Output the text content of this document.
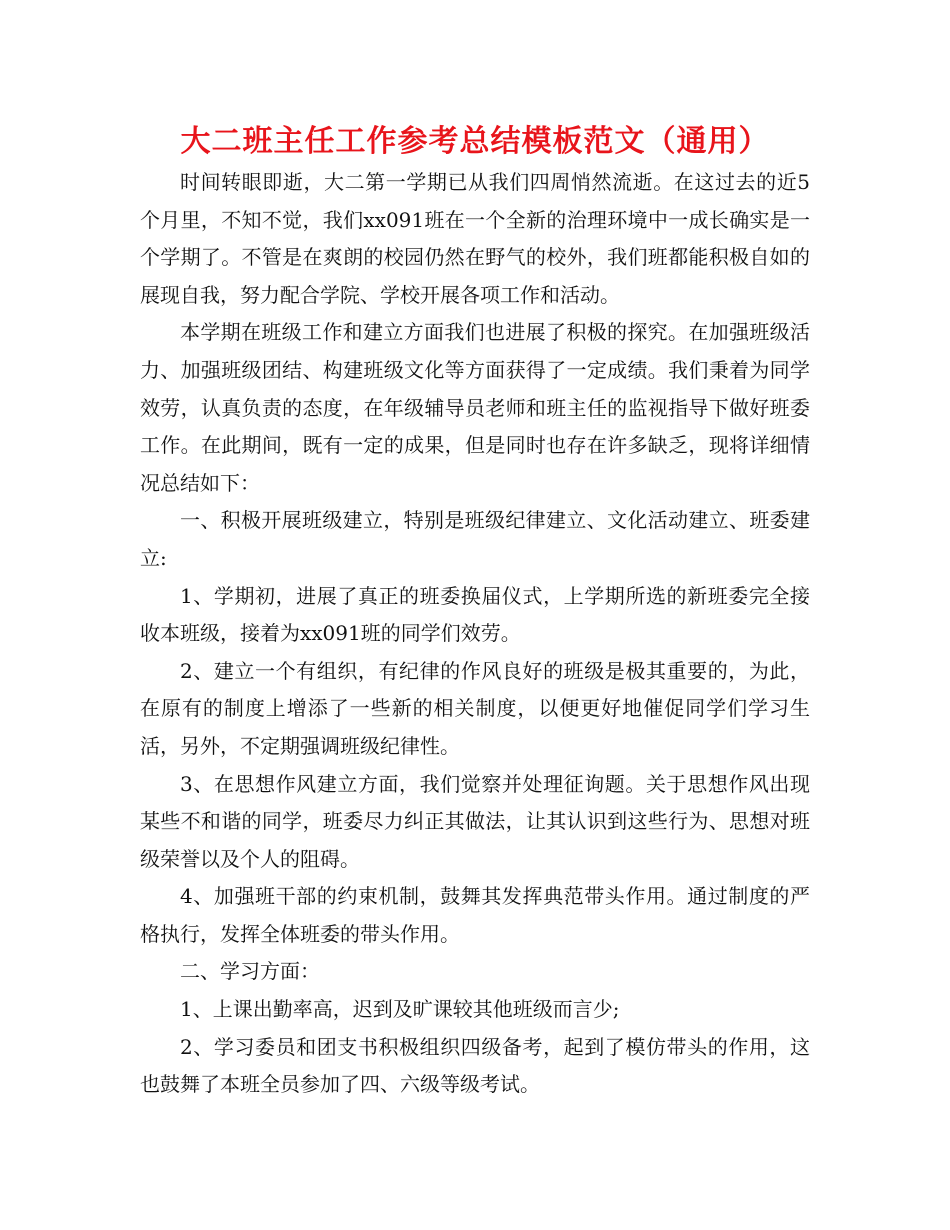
大二班主任工作参考总结模板范文（通用）

时间转眼即逝，大二第一学期已从我们四周悄然流逝。在这过去的近5个月里，不知不觉，我们xx091班在一个全新的治理环境中一成长确实是一个学期了。不管是在爽朗的校园仍然在野气的校外，我们班都能积极自如的展现自我，努力配合学院、学校开展各项工作和活动。

本学期在班级工作和建立方面我们也进展了积极的探究。在加强班级活力、加强班级团结、构建班级文化等方面获得了一定成绩。我们秉着为同学效劳，认真负责的态度，在年级辅导员老师和班主任的监视指导下做好班委工作。在此期间，既有一定的成果，但是同时也存在许多缺乏，现将详细情况总结如下：

一、积极开展班级建立，特别是班级纪律建立、文化活动建立、班委建立:

1、学期初，进展了真正的班委换届仪式，上学期所选的新班委完全接收本班级，接着为xx091班的同学们效劳。

2、建立一个有组织，有纪律的作风良好的班级是极其重要的，为此，在原有的制度上增添了一些新的相关制度，以便更好地催促同学们学习生活，另外，不定期强调班级纪律性。

3、在思想作风建立方面，我们觉察并处理征询题。关于思想作风出现某些不和谐的同学，班委尽力纠正其做法，让其认识到这些行为、思想对班级荣誉以及个人的阻碍。

4、加强班干部的约束机制，鼓舞其发挥典范带头作用。通过制度的严格执行，发挥全体班委的带头作用。

二、学习方面：

1、上课出勤率高，迟到及旷课较其他班级而言少;

2、学习委员和团支书积极组织四级备考，起到了模仿带头的作用，这也鼓舞了本班全员参加了四、六级等级考试。
